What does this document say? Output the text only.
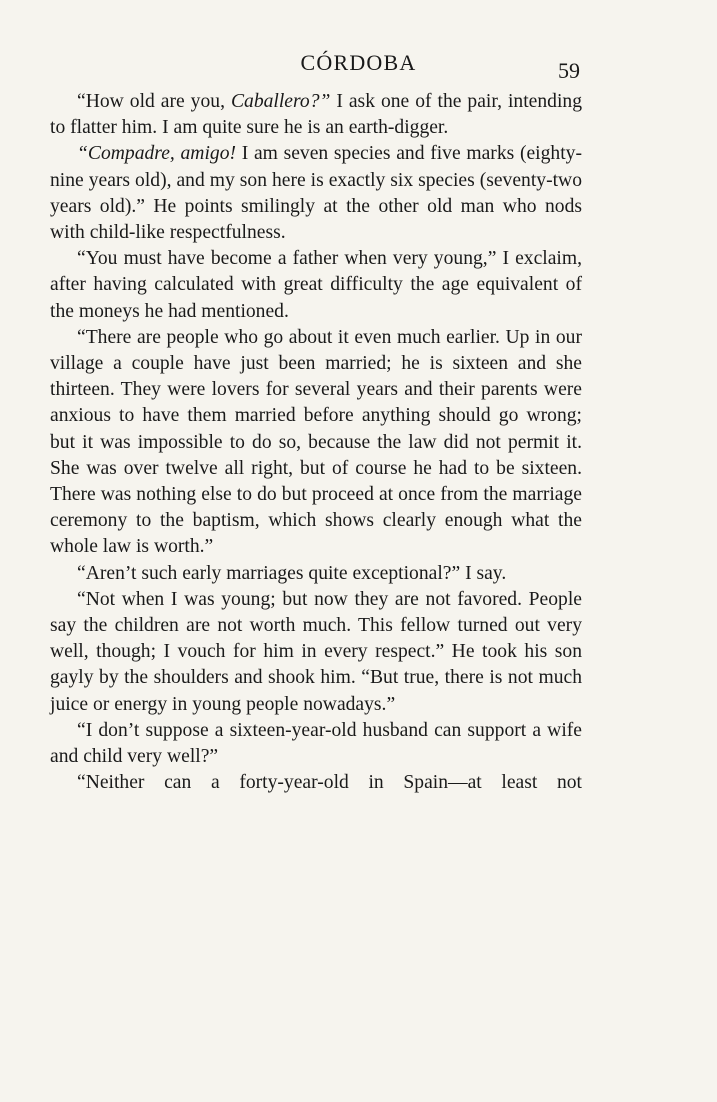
CÓRDOBA	59

“How old are you, Caballero?” I ask one of the pair, intending to flatter him. I am quite sure he is an earth-digger.

“Compadre, amigo! I am seven species and five marks (eighty-nine years old), and my son here is exactly six species (seventy-two years old).” He points smilingly at the other old man who nods with child-like respectfulness.

“You must have become a father when very young,” I exclaim, after having calculated with great difficulty the age equivalent of the moneys he had mentioned.

“There are people who go about it even much earlier. Up in our village a couple have just been married; he is sixteen and she thirteen. They were lovers for several years and their parents were anxious to have them married before anything should go wrong; but it was impossible to do so, because the law did not permit it. She was over twelve all right, but of course he had to be sixteen. There was nothing else to do but proceed at once from the marriage ceremony to the baptism, which shows clearly enough what the whole law is worth.”

“Aren’t such early marriages quite exceptional?” I say.

“Not when I was young; but now they are not favored. People say the children are not worth much. This fellow turned out very well, though; I vouch for him in every respect.” He took his son gayly by the shoulders and shook him. “But true, there is not much juice or energy in young people nowadays.”

“I don’t suppose a sixteen-year-old husband can support a wife and child very well?”

“Neither can a forty-year-old in Spain—at least not
